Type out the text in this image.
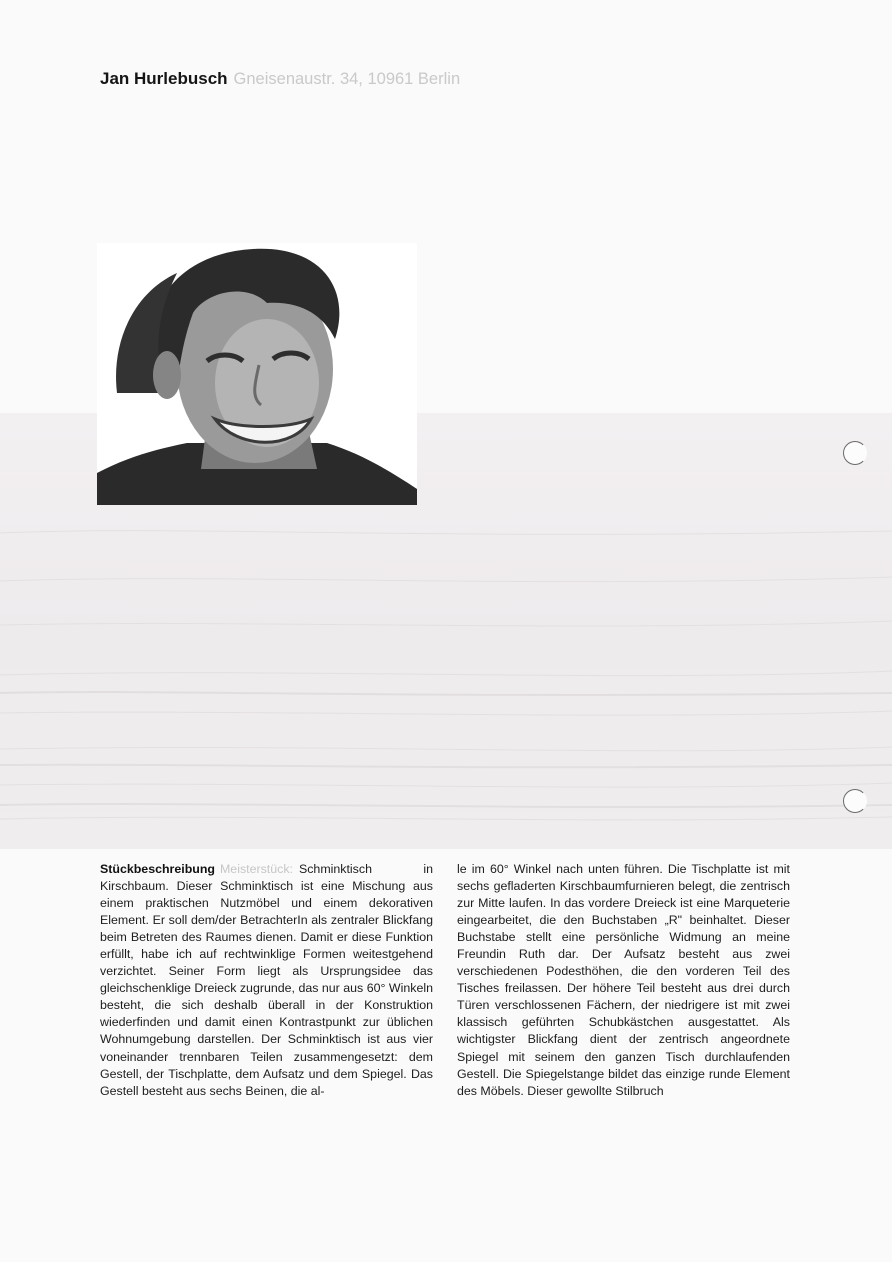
Jan Hurlebusch Gneisenaustr. 34, 10961 Berlin
Stückbeschreibung Meisterstück: Schminktisch in Kirschbaum. Dieser Schminktisch ist eine Mischung aus einem praktischen Nutzmöbel und einem dekorativen Element. Er soll dem/der BetrachterIn als zentraler Blickfang beim Betreten des Raumes dienen. Damit er diese Funktion erfüllt, habe ich auf rechtwinklige Formen weitestgehend verzichtet. Seiner Form liegt als Ursprungsidee das gleichschenklige Dreieck zugrunde, das nur aus 60° Winkeln besteht, die sich deshalb überall in der Konstruktion wiederfinden und damit einen Kontrastpunkt zur üblichen Wohnumgebung darstellen. Der Schminktisch ist aus vier voneinander trennbaren Teilen zusammengesetzt: dem Gestell, der Tischplatte, dem Aufsatz und dem Spiegel. Das Gestell besteht aus sechs Beinen, die al-
le im 60° Winkel nach unten führen. Die Tischplatte ist mit sechs gefladerten Kirschbaumfurnieren belegt, die zentrisch zur Mitte laufen. In das vordere Dreieck ist eine Marqueterie eingearbeitet, die den Buchstaben „R" beinhaltet. Dieser Buchstabe stellt eine persönliche Widmung an meine Freundin Ruth dar. Der Aufsatz besteht aus zwei verschiedenen Podesthöhen, die den vorderen Teil des Tisches freilassen. Der höhere Teil besteht aus drei durch Türen verschlossenen Fächern, der niedrigere ist mit zwei klassisch geführten Schubkästchen ausgestattet. Als wichtigster Blickfang dient der zentrisch angeordnete Spiegel mit seinem den ganzen Tisch durchlaufenden Gestell. Die Spiegelstange bildet das einzige runde Element des Möbels. Dieser gewollte Stilbruch
